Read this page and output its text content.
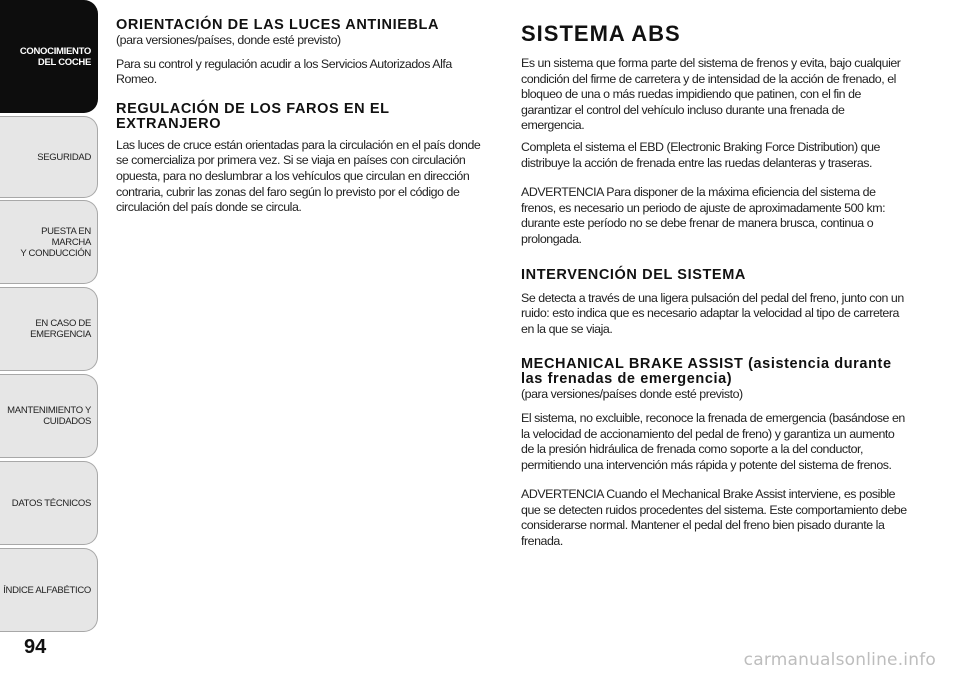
CONOCIMIENTO
DEL COCHE
SEGURIDAD
PUESTA EN MARCHA
Y CONDUCCIÓN
EN CASO DE
EMERGENCIA
MANTENIMIENTO Y
CUIDADOS
DATOS TÉCNICOS
ÍNDICE ALFABÉTICO
94
ORIENTACIÓN DE LAS LUCES ANTINIEBLA

(para versiones/países, donde esté previsto)

Para su control y regulación acudir a los Servicios Autorizados Alfa Romeo.

REGULACIÓN DE LOS FAROS EN EL EXTRANJERO

Las luces de cruce están orientadas para la circulación en el país donde se comercializa por primera vez. Si se viaja en países con circulación opuesta, para no deslumbrar a los vehículos que circulan en dirección contraria, cubrir las zonas del faro según lo previsto por el código de circulación del país donde se circula.

SISTEMA ABS

Es un sistema que forma parte del sistema de frenos y evita, bajo cualquier condición del firme de carretera y de intensidad de la acción de frenado, el bloqueo de una o más ruedas impidiendo que patinen, con el fin de garantizar el control del vehículo incluso durante una frenada de emergencia.

Completa el sistema el EBD (Electronic Braking Force Distribution) que distribuye la acción de frenada entre las ruedas delanteras y traseras.

ADVERTENCIA Para disponer de la máxima eficiencia del sistema de frenos, es necesario un periodo de ajuste de aproximadamente 500 km: durante este período no se debe frenar de manera brusca, continua o prolongada.

INTERVENCIÓN DEL SISTEMA

Se detecta a través de una ligera pulsación del pedal del freno, junto con un ruido: esto indica que es necesario adaptar la velocidad al tipo de carretera en la que se viaja.

MECHANICAL BRAKE ASSIST (asistencia durante las frenadas de emergencia)

(para versiones/países donde esté previsto)

El sistema, no excluible, reconoce la frenada de emergencia (basándose en la velocidad de accionamiento del pedal de freno) y garantiza un aumento de la presión hidráulica de frenada como soporte a la del conductor, permitiendo una intervención más rápida y potente del sistema de frenos.

ADVERTENCIA Cuando el Mechanical Brake Assist interviene, es posible que se detecten ruidos procedentes del sistema. Este comportamiento debe considerarse normal. Mantener el pedal del freno bien pisado durante la frenada.

carmanualsonline.info
